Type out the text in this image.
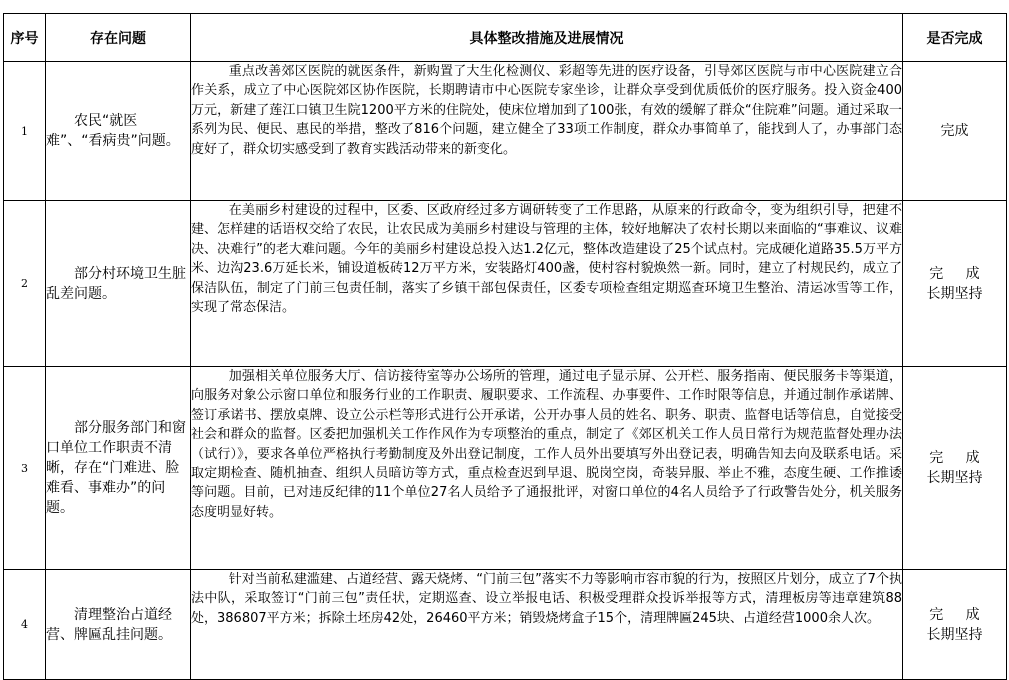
序号	存在问题	具体整改措施及进展情况	是否完成
1	农民“就医难”、“看病贵”问题。	重点改善郊区医院的就医条件，新购置了大生化检测仪、彩超等先进的医疗设备，引导郊区医院与市中心医院建立合作关系，成立了中心医院郊区协作医院，长期聘请市中心医院专家坐诊，让群众享受到优质低价的医疗服务。投入资金400万元，新建了莲江口镇卫生院1200平方米的住院处，使床位增加到了100张，有效的缓解了群众“住院难”问题。通过采取一系列为民、便民、惠民的举措，整改了816个问题，建立健全了33项工作制度，群众办事简单了，能找到人了，办事部门态度好了，群众切实感受到了教育实践活动带来的新变化。	完成

2	部分村环境卫生脏乱差问题。	在美丽乡村建设的过程中，区委、区政府经过多方调研转变了工作思路，从原来的行政命令，变为组织引导，把建不建、怎样建的话语权交给了农民，让农民成为美丽乡村建设与管理的主体，较好地解决了农村长期以来面临的“事难议、议难决、决难行”的老大难问题。今年的美丽乡村建设总投入达1.2亿元，整体改造建设了25个试点村。完成硬化道路35.5万平方米、边沟23.6万延长米，铺设道板砖12万平方米，安装路灯400盏，使村容村貌焕然一新。同时，建立了村规民约，成立了保洁队伍，制定了门前三包责任制，落实了乡镇干部包保责任，区委专项检查组定期巡查环境卫生整治、清运冰雪等工作，实现了常态保洁。	完成
长期坚持

3	部分服务部门和窗口单位工作职责不清晰，存在“门难进、脸难看、事难办”的问题。	加强相关单位服务大厅、信访接待室等办公场所的管理，通过电子显示屏、公开栏、服务指南、便民服务卡等渠道，向服务对象公示窗口单位和服务行业的工作职责、履职要求、工作流程、办事要件、工作时限等信息，并通过制作承诺牌、签订承诺书、摆放桌牌、设立公示栏等形式进行公开承诺，公开办事人员的姓名、职务、职责、监督电话等信息，自觉接受社会和群众的监督。区委把加强机关工作作风作为专项整治的重点，制定了《郊区机关工作人员日常行为规范监督处理办法（试行）》，要求各单位严格执行考勤制度及外出登记制度，工作人员外出要填写外出登记表，明确告知去向及联系电话。采取定期检查、随机抽查、组织人员暗访等方式，重点检查迟到早退、脱岗空岗，奇装异服、举止不雅，态度生硬、工作推诿等问题。目前，已对违反纪律的11个单位27名人员给予了通报批评，对窗口单位的4名人员给予了行政警告处分，机关服务态度明显好转。	完成
长期坚持

4	清理整治占道经营、牌匾乱挂问题。	针对当前私建滥建、占道经营、露天烧烤、“门前三包”落实不力等影响市容市貌的行为，按照区片划分，成立了7个执法中队，采取签订“门前三包”责任状，定期巡查、设立举报电话、积极受理群众投诉举报等方式，清理板房等违章建筑88处，386807平方米；拆除土坯房42处，26460平方米；销毁烧烤盒子15个，清理牌匾245块、占道经营1000余人次。	完成
长期坚持
